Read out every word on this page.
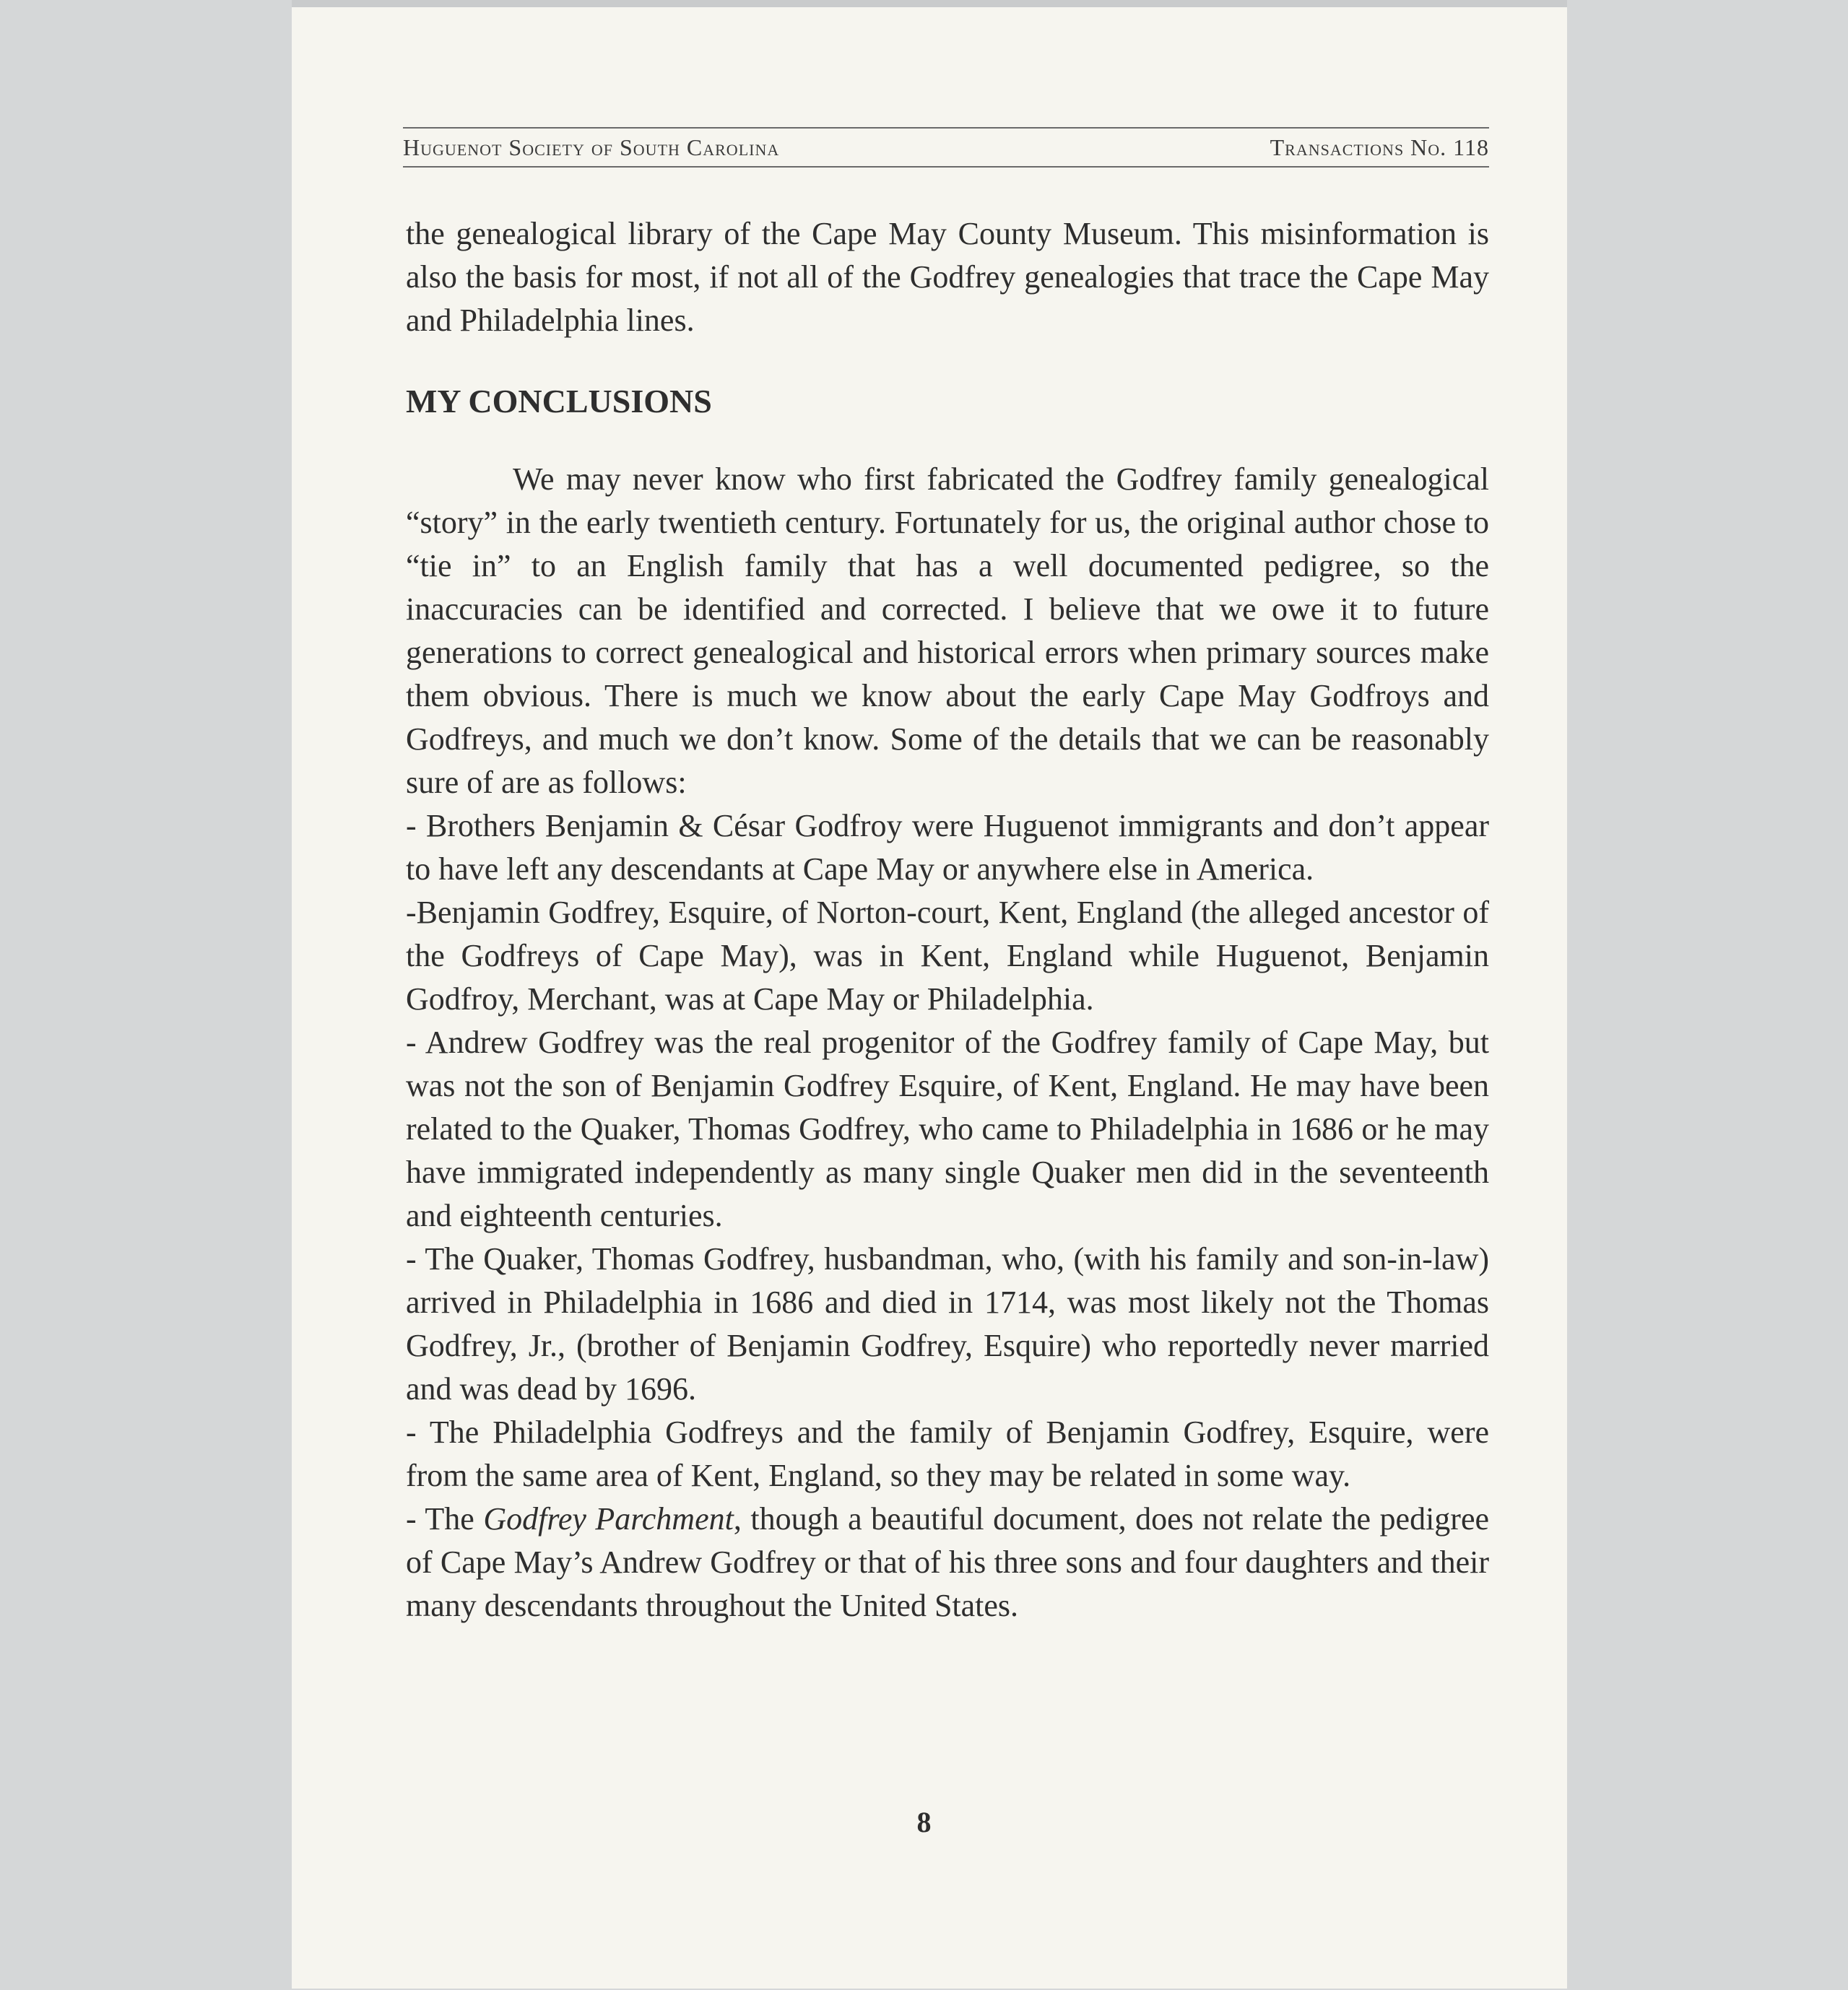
Huguenot Society of South Carolina	Transactions No. 118

the genealogical library of the Cape May County Museum. This misinformation is also the basis for most, if not all of the Godfrey genealogies that trace the Cape May and Philadelphia lines.

MY CONCLUSIONS

We may never know who first fabricated the Godfrey family genealogical “story” in the early twentieth century. Fortunately for us, the original author chose to “tie in” to an English family that has a well documented pedigree, so the inaccuracies can be identified and corrected. I believe that we owe it to future generations to correct genealogical and historical errors when primary sources make them obvious. There is much we know about the early Cape May Godfroys and Godfreys, and much we don’t know. Some of the details that we can be reasonably sure of are as follows:

- Brothers Benjamin & César Godfroy were Huguenot immigrants and don’t appear to have left any descendants at Cape May or anywhere else in America.

-Benjamin Godfrey, Esquire, of Norton-court, Kent, England (the alleged ancestor of the Godfreys of Cape May), was in Kent, England while Huguenot, Benjamin Godfroy, Merchant, was at Cape May or Philadelphia.

- Andrew Godfrey was the real progenitor of the Godfrey family of Cape May, but was not the son of Benjamin Godfrey Esquire, of Kent, England. He may have been related to the Quaker, Thomas Godfrey, who came to Philadelphia in 1686 or he may have immigrated independently as many single Quaker men did in the seventeenth and eighteenth centuries.

- The Quaker, Thomas Godfrey, husbandman, who, (with his family and son-in-law) arrived in Philadelphia in 1686 and died in 1714, was most likely not the Thomas Godfrey, Jr., (brother of Benjamin Godfrey, Esquire) who reportedly never married and was dead by 1696.

- The Philadelphia Godfreys and the family of Benjamin Godfrey, Esquire, were from the same area of Kent, England, so they may be related in some way.

- The Godfrey Parchment, though a beautiful document, does not relate the pedigree of Cape May’s Andrew Godfrey or that of his three sons and four daughters and their many descendants throughout the United States.

8
